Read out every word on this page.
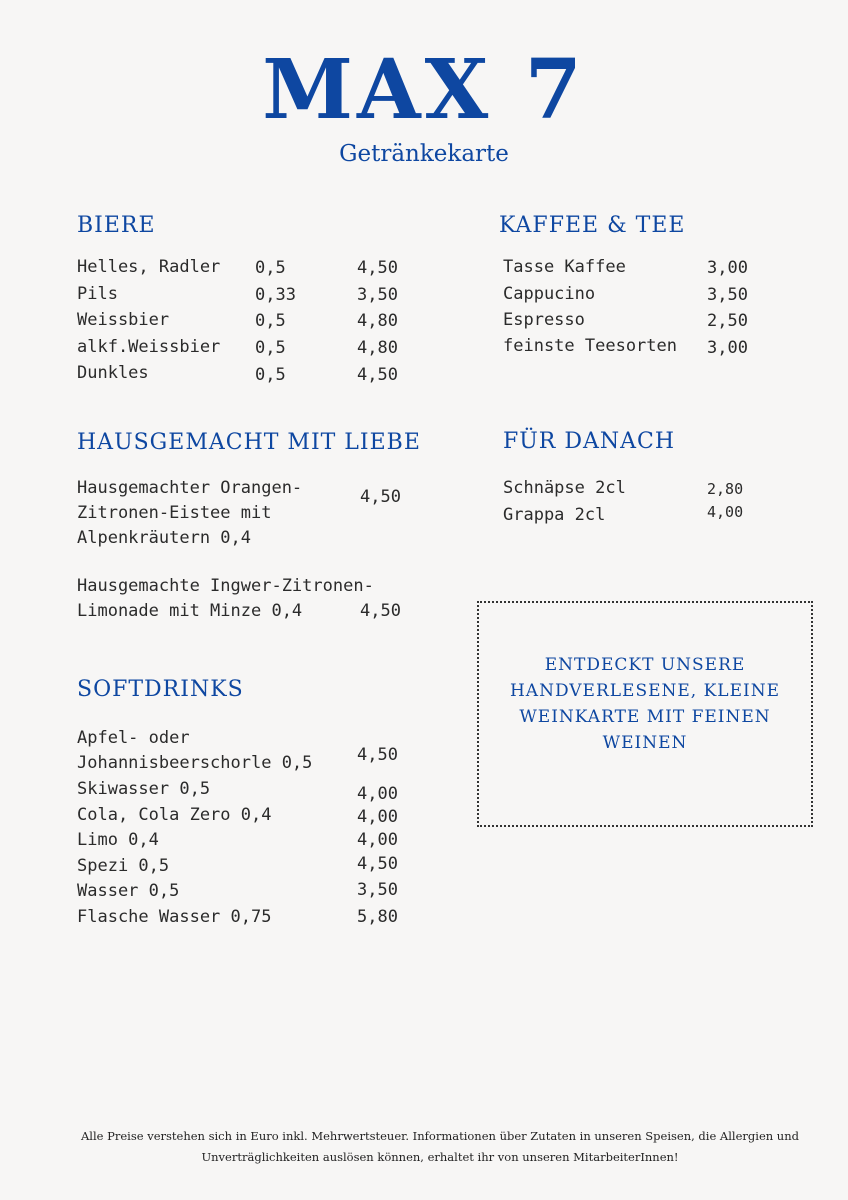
MAX 7
Getränkekarte
BIERE
Helles, Radler 0,5	4,50
Pils	0,33	3,50
Weissbier	0,5	4,80
alkf.Weissbier 0,5	4,80
Dunkles	0,5	4,50
KAFFEE & TEE
Tasse Kaffee	3,00
Cappucino	3,50
Espresso	2,50
feinste Teesorten 3,00
HAUSGEMACHT MIT LIEBE
Hausgemachter Orangen-
Zitronen-Eistee mit
Alpenkräutern 0,4
4,50
Hausgemachte Ingwer-Zitronen-
Limonade mit Minze 0,4	4,50
FÜR DANACH
Schnäpse 2cl	2,80
Grappa 2cl	4,00
ENTDECKT UNSERE
HANDVERLESENE, KLEINE
WEINKARTE MIT FEINEN
WEINEN
SOFTDRINKS
Apfel- oder
Johannisbeerschorle 0,5	4,50
Skiwasser 0,5	4,00
Cola, Cola Zero 0,4	4,00
Limo 0,4	4,00
Spezi 0,5	4,50
Wasser 0,5	3,50
Flasche Wasser 0,75	5,80
Alle Preise verstehen sich in Euro inkl. Mehrwertsteuer. Informationen über Zutaten in unseren Speisen, die Allergien und
Unverträglichkeiten auslösen können, erhaltet ihr von unseren MitarbeiterInnen!
